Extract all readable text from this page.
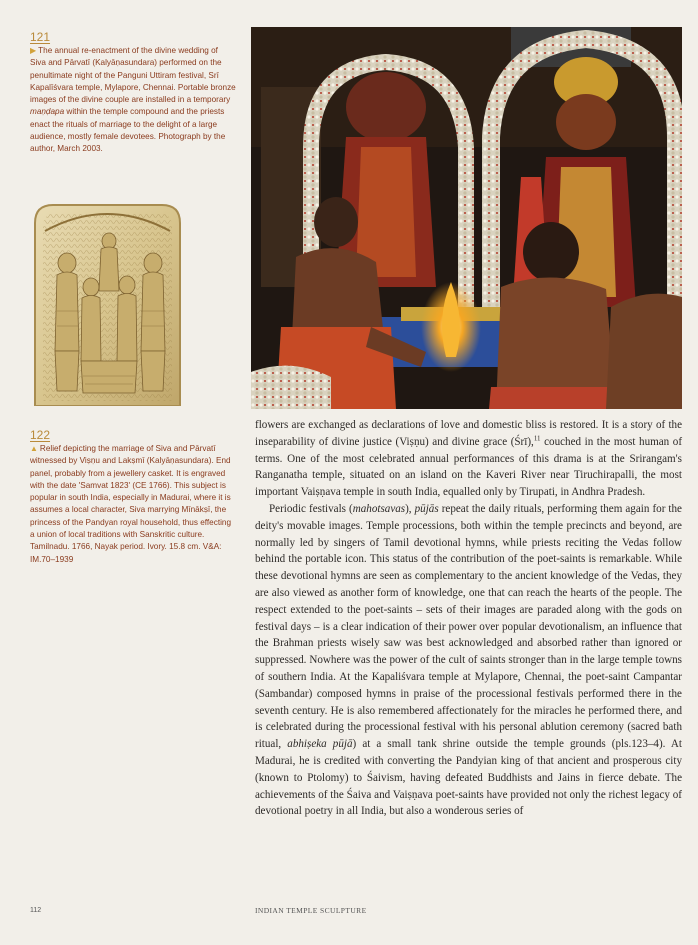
121
▶ The annual re-enactment of the divine wedding of Siva and Pārvatī (Kalyāṇasundara) performed on the penultimate night of the Panguni Uttiram festival, Srī Kapalīśvara temple, Mylapore, Chennai. Portable bronze images of the divine couple are installed in a temporary maṇḍapa within the temple compound and the priests enact the rituals of marriage to the delight of a large audience, mostly female devotees. Photograph by the author, March 2003.
122
▲ Relief depicting the marriage of Siva and Pārvatī witnessed by Viṣṇu and Lakṣmī (Kalyāṇasundara). End panel, probably from a jewellery casket. It is engraved with the date 'Samvat 1823' (CE 1766). This subject is popular in south India, especially in Madurai, where it is assumes a local character, Siva marrying Mīnākṣī, the princess of the Pandyan royal household, thus effecting a union of local traditions with Sanskritic culture. Tamilnadu. 1766, Nayak period. Ivory. 15.8 cm. V&A: IM.70–1939

flowers are exchanged as declarations of love and domestic bliss is restored. It is a story of the inseparability of divine justice (Viṣṇu) and divine grace (Śrī),$^{11}$ couched in the most human of terms. One of the most celebrated annual performances of this drama is at the Srirangam's Ranganatha temple, situated on an island on the Kaveri River near Tiruchirapalli, the most important Vaiṣṇava temple in south India, equalled only by Tirupati, in Andhra Pradesh.

Periodic festivals (mahotsavas), pūjās repeat the daily rituals, performing them again for the deity's movable images. Temple processions, both within the temple precincts and beyond, are normally led by singers of Tamil devotional hymns, while priests reciting the Vedas follow behind the portable icon. This status of the contribution of the poet-saints is remarkable. While these devotional hymns are seen as complementary to the ancient knowledge of the Vedas, they are also viewed as another form of knowledge, one that can reach the hearts of the people. The respect extended to the poet-saints – sets of their images are paraded along with the gods on festival days – is a clear indication of their power over popular devotionalism, an influence that the Brahman priests wisely saw was best acknowledged and absorbed rather than ignored or suppressed. Nowhere was the power of the cult of saints stronger than in the large temple towns of southern India. At the Kapaliśvara temple at Mylapore, Chennai, the poet-saint Campantar (Sambandar) composed hymns in praise of the processional festivals performed there in the seventh century. He is also remembered affectionately for the miracles he performed there, and is celebrated during the processional festival with his personal ablution ceremony (sacred bath ritual, abhiṣeka pūjā) at a small tank shrine outside the temple grounds (pls.123–4). At Madurai, he is credited with converting the Pandyian king of that ancient and prosperous city (known to Ptolomy) to Śaivism, having defeated Buddhists and Jains in fierce debate. The achievements of the Śaiva and Vaiṣṇava poet-saints have provided not only the richest legacy of devotional poetry in all India, but also a wonderous series of

112	INDIAN TEMPLE SCULPTURE
